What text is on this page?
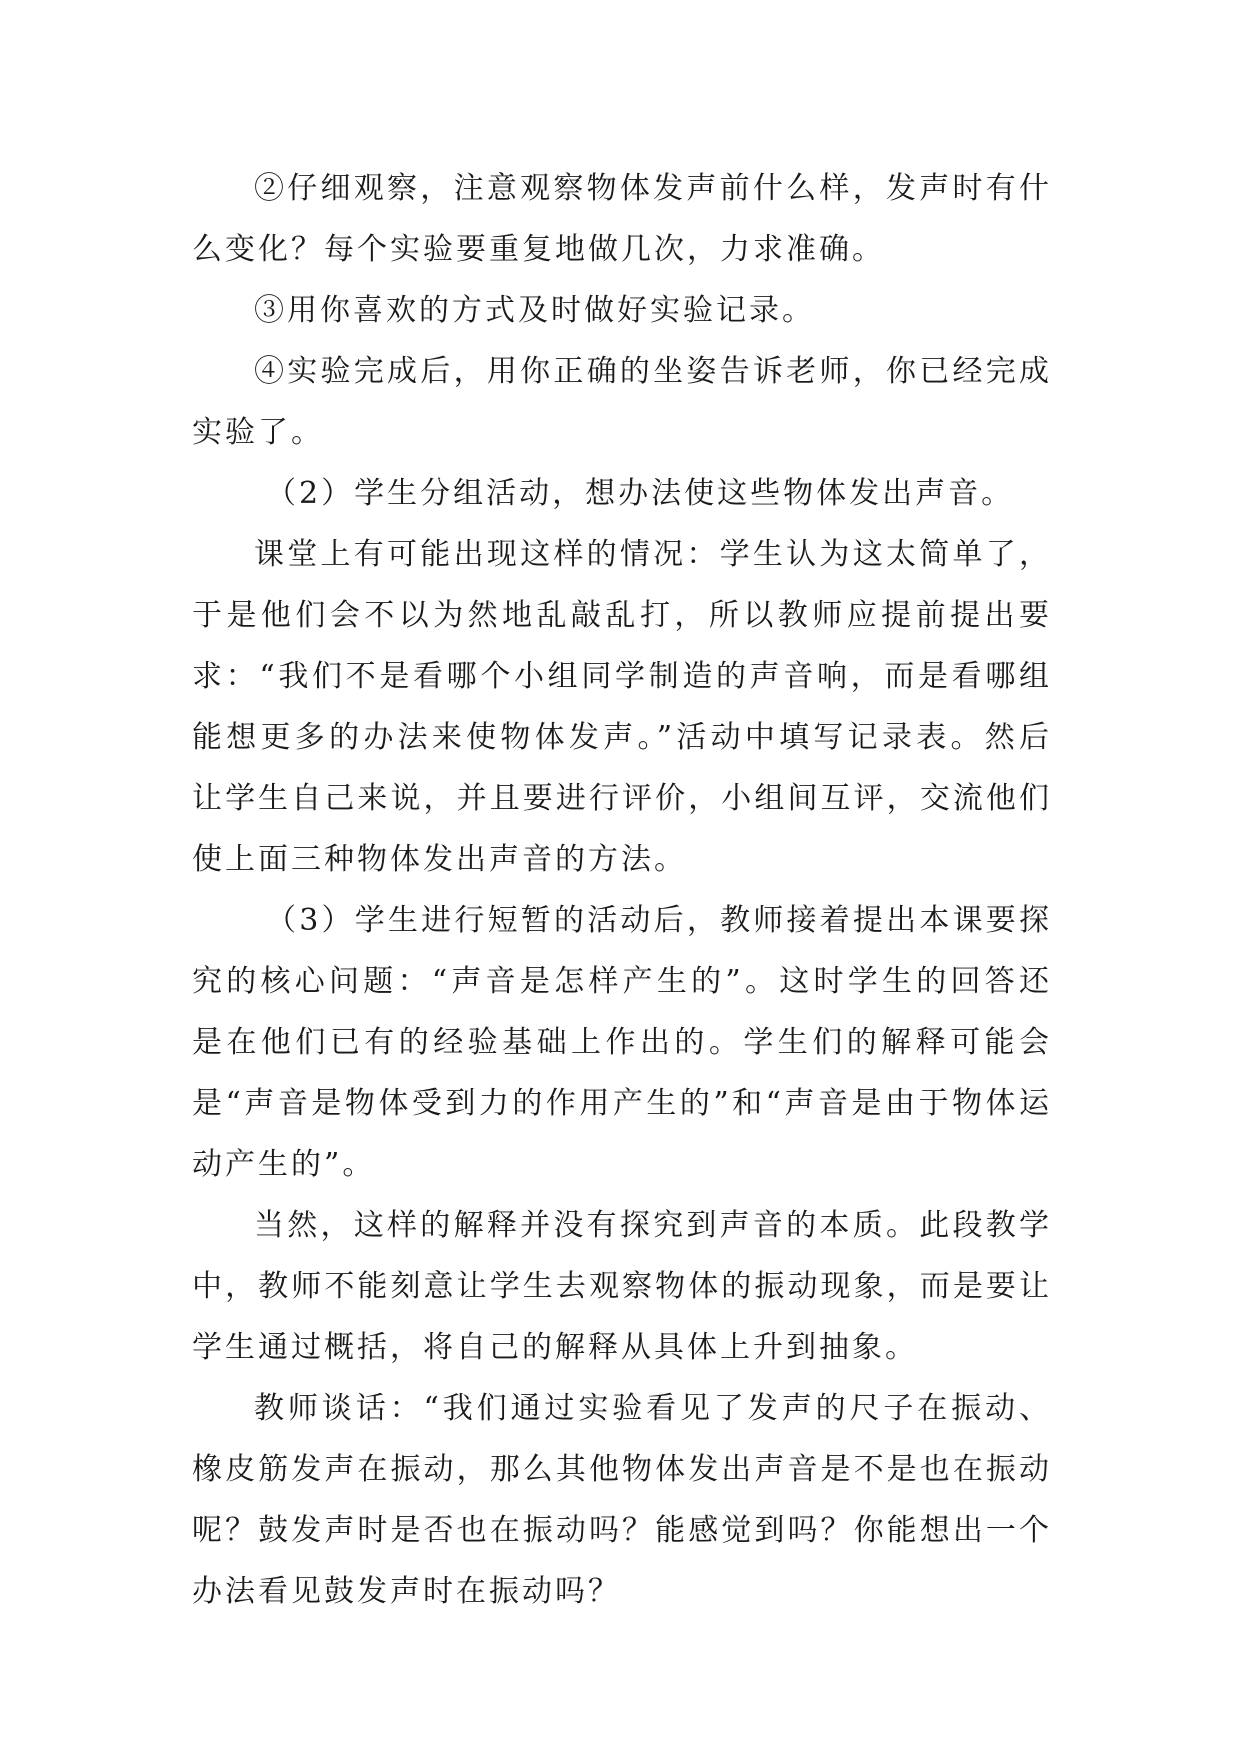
②仔细观察，注意观察物体发声前什么样，发声时有什么变化？每个实验要重复地做几次，力求准确。

③用你喜欢的方式及时做好实验记录。

④实验完成后，用你正确的坐姿告诉老师，你已经完成实验了。

（2）学生分组活动，想办法使这些物体发出声音。

课堂上有可能出现这样的情况：学生认为这太简单了，于是他们会不以为然地乱敲乱打，所以教师应提前提出要求：“我们不是看哪个小组同学制造的声音响，而是看哪组能想更多的办法来使物体发声。”活动中填写记录表。然后让学生自己来说，并且要进行评价，小组间互评，交流他们使上面三种物体发出声音的方法。

（3）学生进行短暂的活动后，教师接着提出本课要探究的核心问题：“声音是怎样产生的”。这时学生的回答还是在他们已有的经验基础上作出的。学生们的解释可能会是“声音是物体受到力的作用产生的”和“声音是由于物体运动产生的”。

当然，这样的解释并没有探究到声音的本质。此段教学中，教师不能刻意让学生去观察物体的振动现象，而是要让学生通过概括，将自己的解释从具体上升到抽象。

教师谈话：“我们通过实验看见了发声的尺子在振动、橡皮筋发声在振动，那么其他物体发出声音是不是也在振动呢？鼓发声时是否也在振动吗？能感觉到吗？你能想出一个办法看见鼓发声时在振动吗？
